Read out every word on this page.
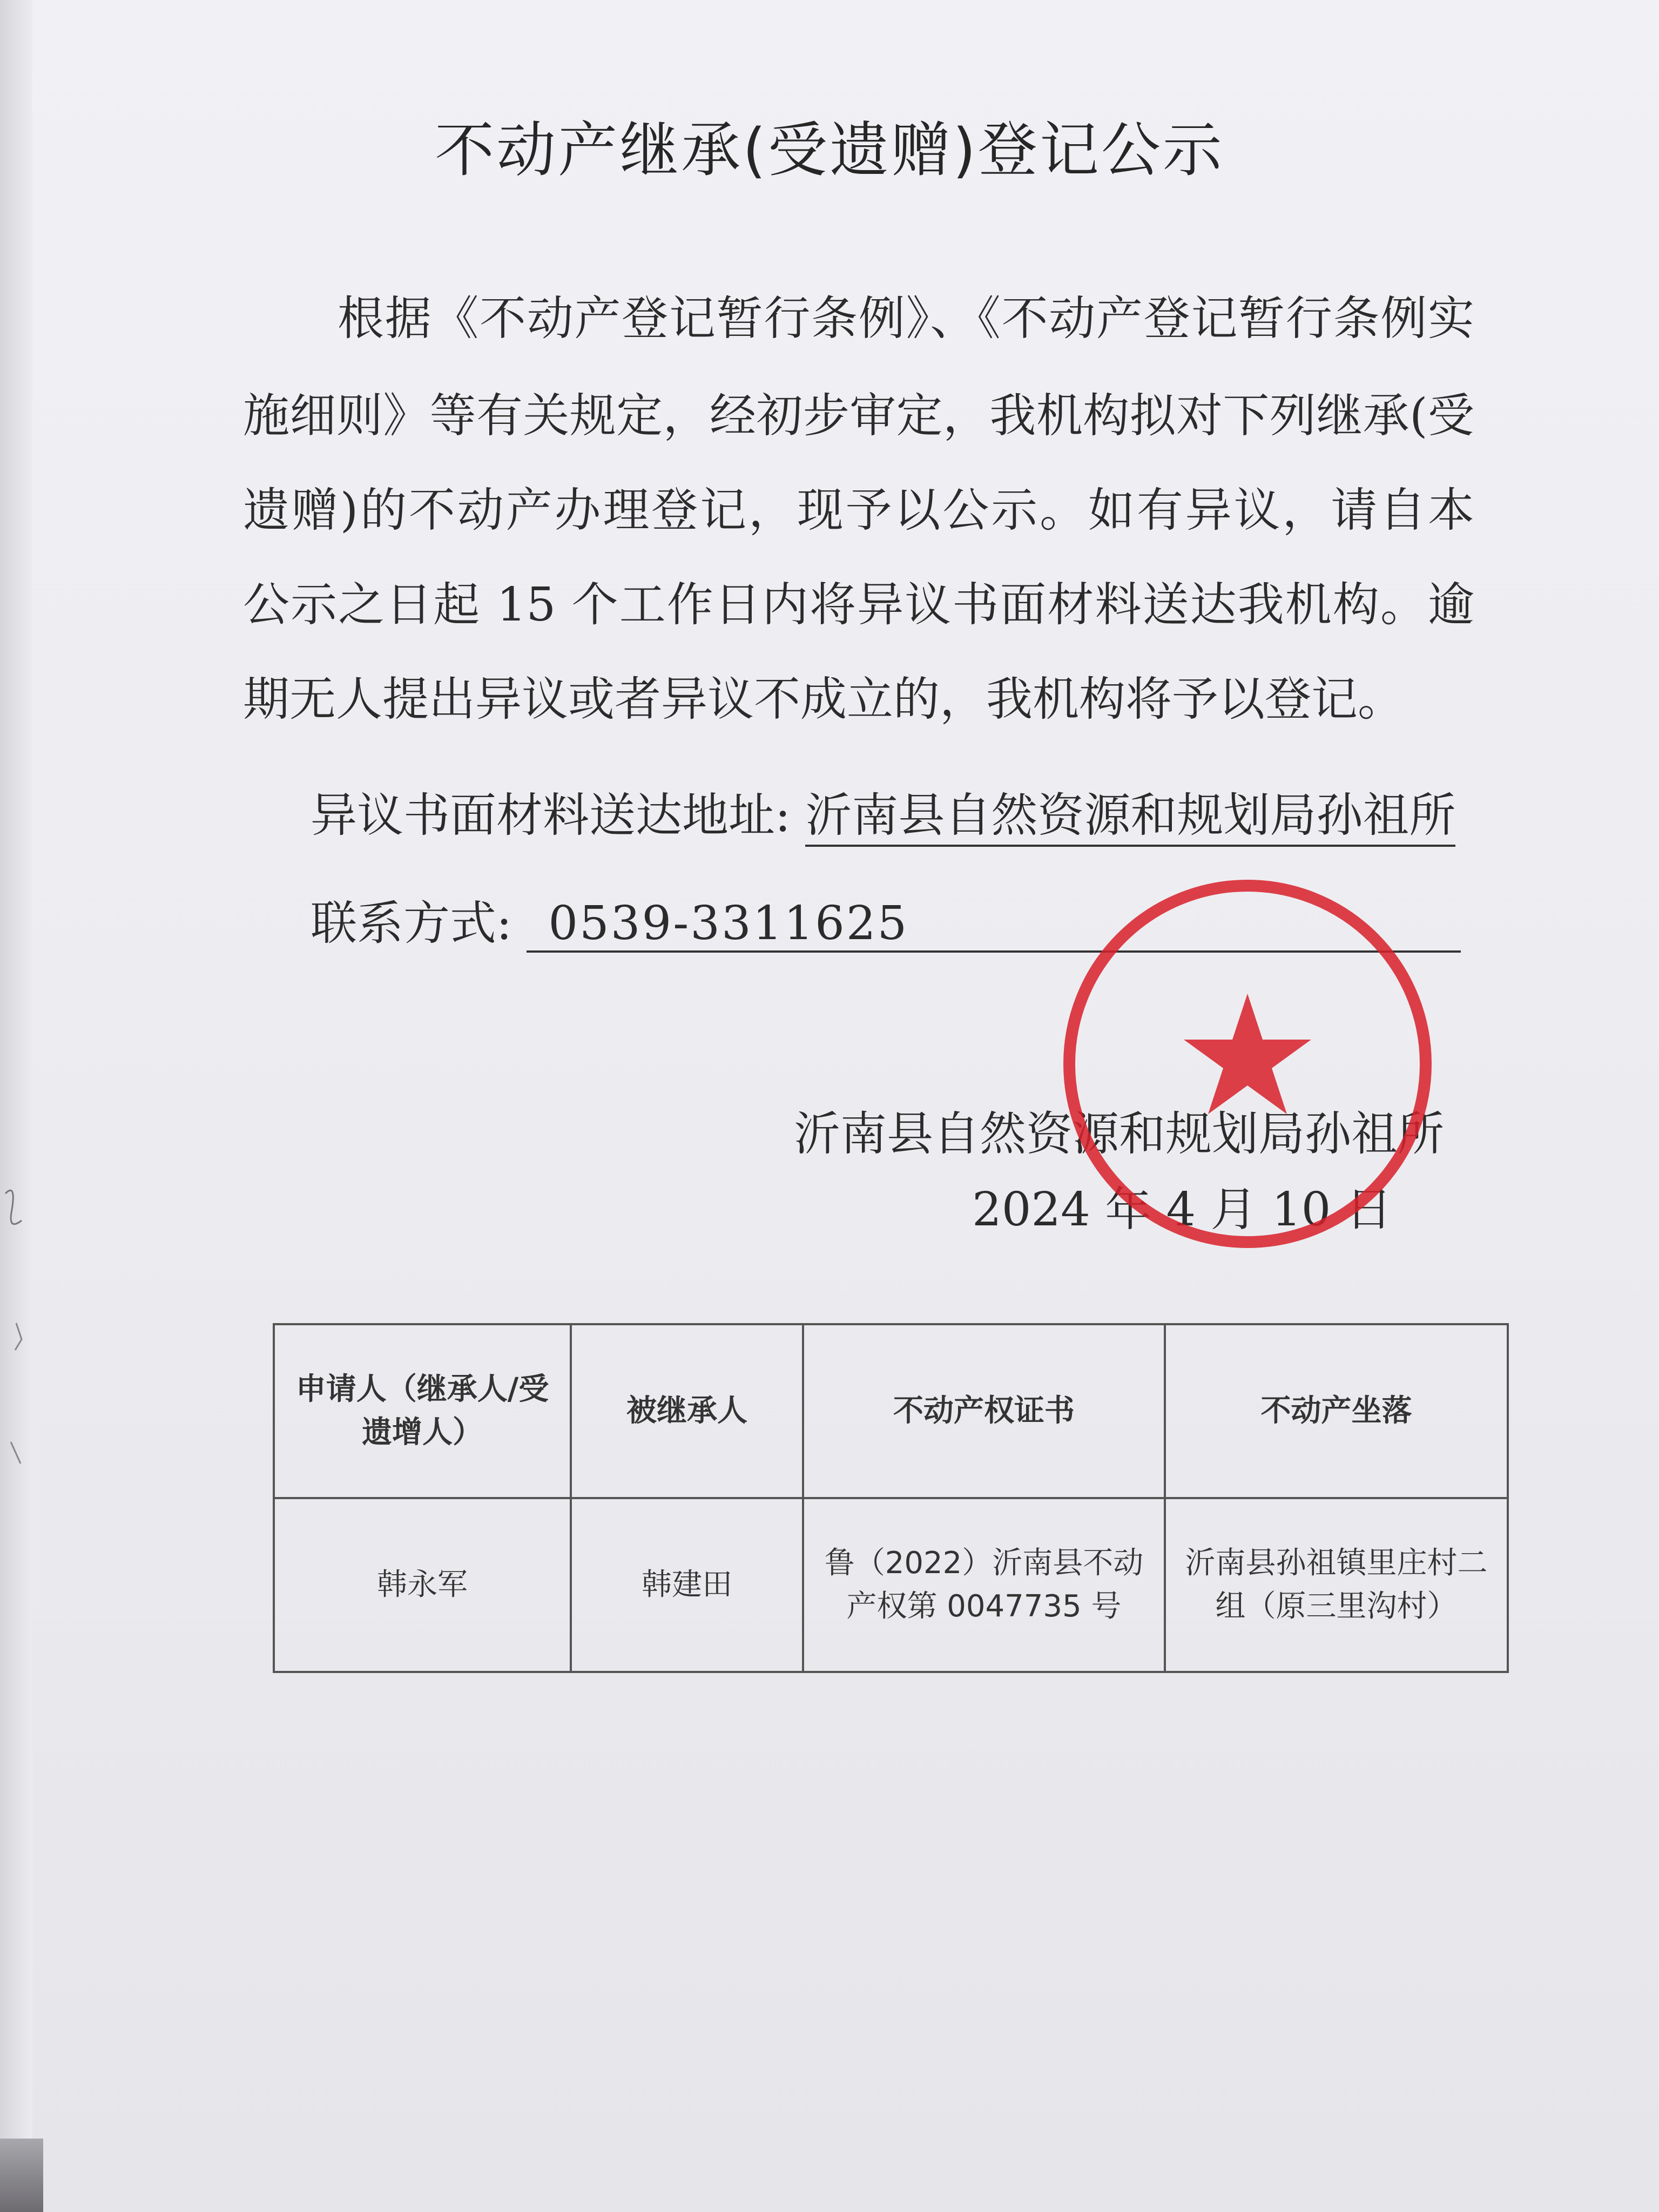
不动产继承(受遗赠)登记公示
根据《不动产登记暂行条例》、《不动产登记暂行条例实
施细则》等有关规定，经初步审定，我机构拟对下列继承(受
遗赠)的不动产办理登记，现予以公示。如有异议，请自本
公示之日起 15 个工作日内将异议书面材料送达我机构。逾
期无人提出异议或者异议不成立的，我机构将予以登记。
异议书面材料送达地址: 沂南县自然资源和规划局孙祖所
联系方式: 0539-3311625
沂南县自然资源和规划局孙祖所
2024 年 4 月 10 日
申请人（继承人/受遗增人）	被继承人	不动产权证书	不动产坐落
韩永军	韩建田	鲁（2022）沂南县不动产权第 0047735 号	沂南县孙祖镇里庄村二组（原三里沟村）
